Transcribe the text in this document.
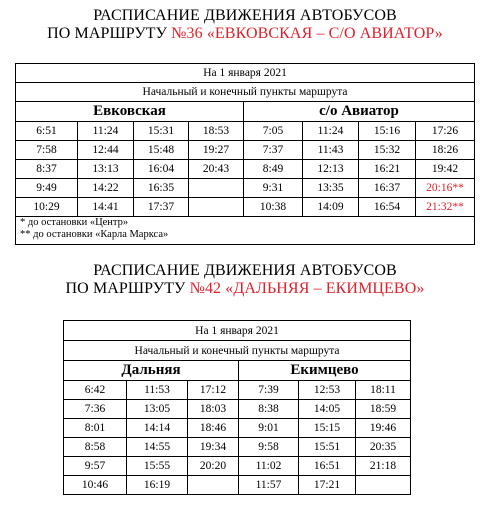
РАСПИСАНИЕ ДВИЖЕНИЯ АВТОБУСОВ
ПО МАРШРУТУ №36 «ЕВКОВСКАЯ – С/О АВИАТОР»
На 1 января 2021							
Начальный и конечный пункты маршрута							
Евковская				с/о Авиатор			
6:51	11:24	15:31	18:53	7:05	11:24	15:16	17:26
7:58	12:44	15:48	19:27	7:37	11:43	15:32	18:26
8:37	13:13	16:04	20:43	8:49	12:13	16:21	19:42
9:49	14:22	16:35		9:31	13:35	16:37	20:16**
10:29	14:41	17:37		10:38	14:09	16:54	21:32**

* до остановки «Центр»
** до остановки «Карла Маркса»							
РАСПИСАНИЕ ДВИЖЕНИЯ АВТОБУСОВ
ПО МАРШРУТУ №42 «ДАЛЬНЯЯ – ЕКИМЦЕВО»
На 1 января 2021					
Начальный и конечный пункты маршрута					
Дальняя			Екимцево		
6:42	11:53	17:12	7:39	12:53	18:11
7:36	13:05	18:03	8:38	14:05	18:59
8:01	14:14	18:46	9:01	15:15	19:46
8:58	14:55	19:34	9:58	15:51	20:35
9:57	15:55	20:20	11:02	16:51	21:18
10:46	16:19		11:57	17:21	
